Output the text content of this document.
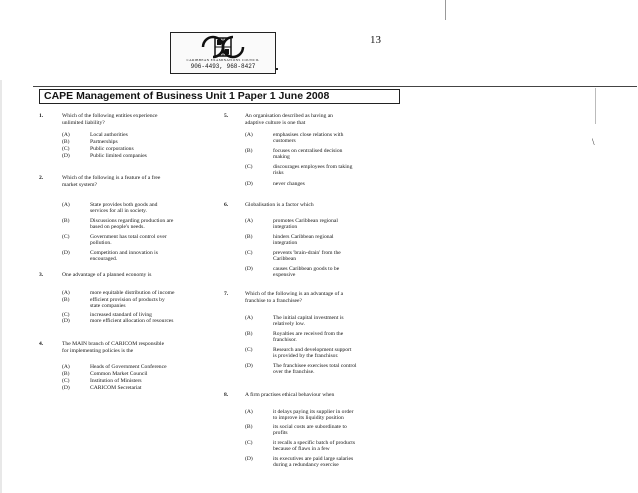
13
CARIBBEAN EXAMINATIONS COUNCIL
906-4493, 968-8427
CAPE Management of Business Unit 1 Paper 1 June 2008
\
1.	Which of the following entities experience
unlimited liability?
(A)	Local authorities
(B)	Partnerships
(C)	Public corporations
(D)	Public limited companies
2.	Which of the following is a feature of a free
market system?
(A)	State provides both goods and
services for all in society.
(B)	Discussions regarding production are
based on people's needs.
(C)	Government has total control over
pollution.
(D)	Competition and innovation is
encouraged.
3.	One advantage of a planned economy is
(A)	more equitable distribution of income
(B)	efficient provision of products by
state companies
(C)	increased standard of living
(D)	more efficient allocation of resources
4.	The MAIN branch of CARICOM responsible
for implementing policies is the
(A)	Heads of Government Conference
(B)	Common Market Council
(C)	Institution of Ministers
(D)	CARICOM Secretariat
5.	An organisation described as having an
adaptive culture is one that
(A)	emphasises close relations with
customers
(B)	focuses on centralised decision
making
(C)	discourages employees from taking
risks
(D)	never changes
6.	Globalisation is a factor which
(A)	promotes Caribbean regional
integration
(B)	hinders Caribbean regional
integration
(C)	prevents 'brain-drain' from the
Caribbean
(D)	causes Caribbean goods to be
expensive
7.	Which of the following is an advantage of a
franchise to a franchisee?
(A)	The initial capital investment is
relatively low.
(B)	Royalties are received from the
franchisor.
(C)	Research and development support
is provided by the franchisor.
(D)	The franchisee exercises total control
over the franchise.
8.	A firm practises ethical behaviour when
(A)	it delays paying its supplier in order
to improve its liquidity position
(B)	its social costs are subordinate to
profits
(C)	it recalls a specific batch of products
because of flaws in a few
(D)	its executives are paid large salaries
during a redundancy exercise
